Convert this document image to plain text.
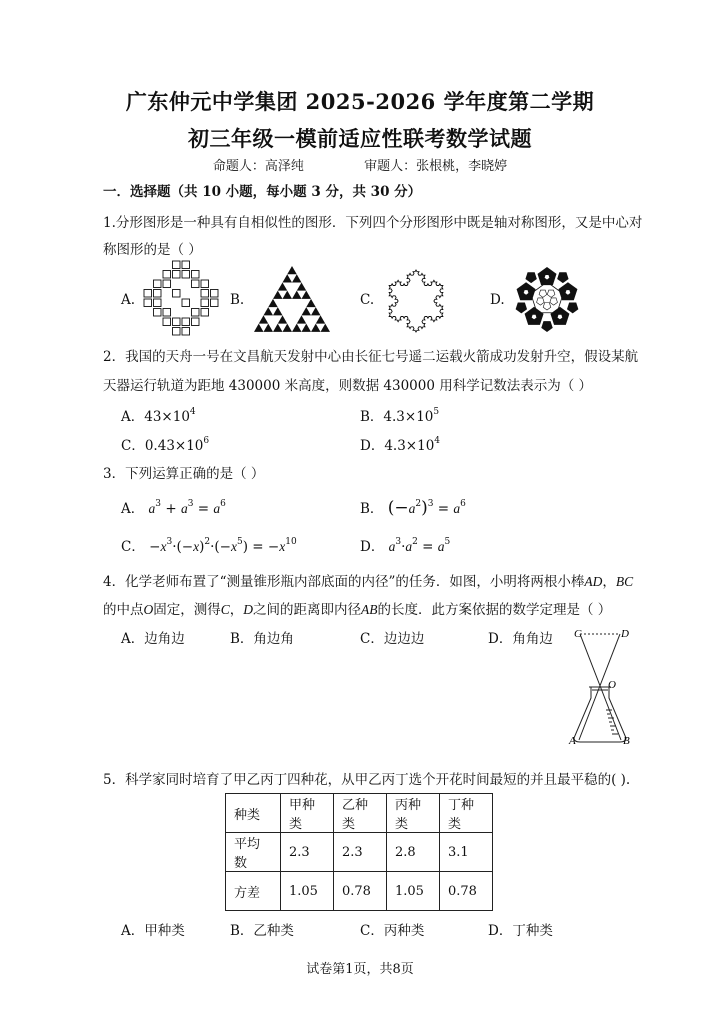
广东仲元中学集团 2025-2026 学年度第二学期
初三年级一模前适应性联考数学试题
命题人：高泽纯	审题人：张根桃，李晓婷
一．选择题（共 10 小题，每小题 3 分，共 30 分）
1.分形图形是一种具有自相似性的图形．下列四个分形图形中既是轴对称图形，又是中心对
称图形的是（ ）
A.	B.	C.	D.
2．我国的天舟一号在文昌航天发射中心由长征七号遥二运载火箭成功发射升空，假设某航
天器运行轨道为距地 430000 米高度，则数据 430000 用科学记数法表示为（ ）
A．$43\times 10^4$	B．$4.3\times 10^5$
C．$0.43\times 10^6$	D．$4.3\times 10^4$
3．下列运算正确的是（ ）
A． $a^3 + a^3 = a^6$	B． $(-a^2)^3 = a^6$
C． $-x^3\cdot(-x)^2\cdot(-x^5) = -x^{10}$	D． $a^3\cdot a^2 = a^5$
4．化学老师布置了“测量锥形瓶内部底面的内径”的任务．如图，小明将两根小棒AD，BC
的中点O固定，测得C，D之间的距离即内径AB的长度．此方案依据的数学定理是（ ）
A．边角边	B．角边角	C．边边边	D．角角边 C	D
O
A	B
5．科学家同时培育了甲乙丙丁四种花，从甲乙丙丁选个开花时间最短的并且最平稳的( ).
种类	甲种类	乙种类	丙种类	丁种类
平均数	2.3	2.3	2.8	3.1
方差	1.05	0.78	1.05	0.78
A．甲种类	B．乙种类	C．丙种类	D．丁种类
试卷第1页，共8页
